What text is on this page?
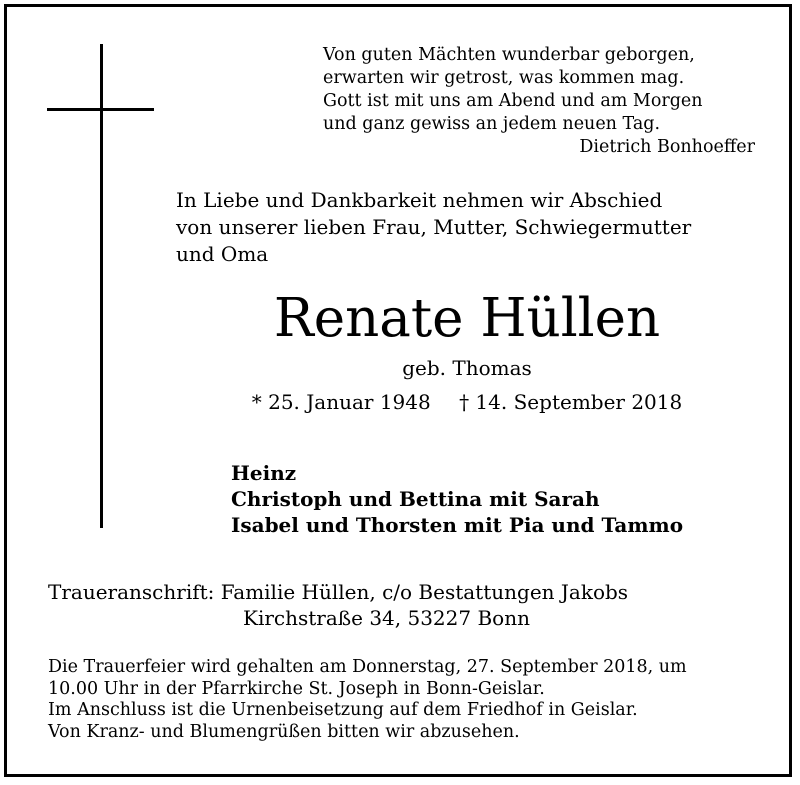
Von guten Mächten wunderbar geborgen,
erwarten wir getrost, was kommen mag.
Gott ist mit uns am Abend und am Morgen
und ganz gewiss an jedem neuen Tag.
Dietrich Bonhoeffer
In Liebe und Dankbarkeit nehmen wir Abschied
von unserer lieben Frau, Mutter, Schwiegermutter
und Oma
Renate Hüllen
geb. Thomas
* 25. Januar 1948 † 14. September 2018
Heinz
Christoph und Bettina mit Sarah
Isabel und Thorsten mit Pia und Tammo
Traueranschrift: Familie Hüllen, c/o Bestattungen Jakobs
Kirchstraße 34, 53227 Bonn
Die Trauerfeier wird gehalten am Donnerstag, 27. September 2018, um
10.00 Uhr in der Pfarrkirche St. Joseph in Bonn-Geislar.
Im Anschluss ist die Urnenbeisetzung auf dem Friedhof in Geislar.
Von Kranz- und Blumengrüßen bitten wir abzusehen.
